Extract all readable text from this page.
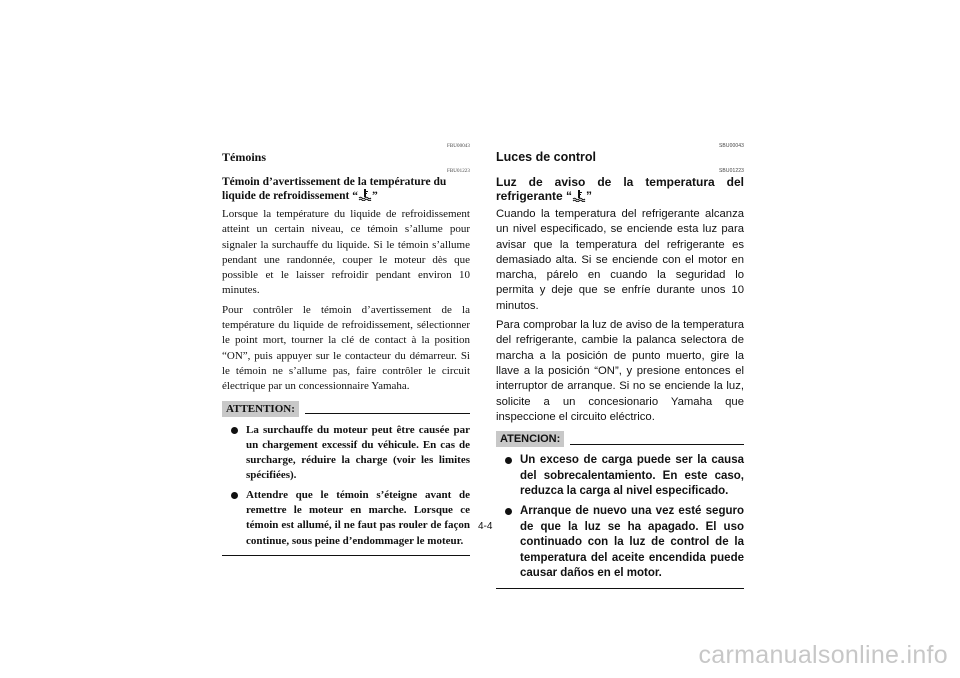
FBU00043
Témoins
FBU01223
Témoin d’avertissement de la température du liquide de refroidissement “ ”
Lorsque la température du liquide de refroidissement atteint un certain niveau, ce témoin s’allume pour signaler la surchauffe du liquide. Si le témoin s’allume pendant une randonnée, couper le moteur dès que possible et le laisser refroidir pendant environ 10 minutes.
Pour contrôler le témoin d’avertissement de la température du liquide de refroidissement, sélectionner le point mort, tourner la clé de contact à la position “ON”, puis appuyer sur le contacteur du démarreur. Si le témoin ne s’allume pas, faire contrôler le circuit électrique par un concessionnaire Yamaha.
ATTENTION:
La surchauffe du moteur peut être causée par un chargement excessif du véhicule. En cas de surcharge, réduire la charge (voir les limites spécifiées).
Attendre que le témoin s’éteigne avant de remettre le moteur en marche. Lorsque ce témoin est allumé, il ne faut pas rouler de façon continue, sous peine d’endommager le moteur.
SBU00043
Luces de control
SBU01223
Luz de aviso de la temperatura del refrigerante “ ”
Cuando la temperatura del refrigerante alcanza un nivel especificado, se enciende esta luz para avisar que la temperatura del refrigerante es demasiado alta. Si se enciende con el motor en marcha, párelo en cuando la seguridad lo permita y deje que se enfríe durante unos 10 minutos.
Para comprobar la luz de aviso de la temperatura del refrigerante, cambie la palanca selectora de marcha a la posición de punto muerto, gire la llave a la posición “ON”, y presione entonces el interruptor de arranque. Si no se enciende la luz, solicite a un concesionario Yamaha que inspeccione el circuito eléctrico.
ATENCION:
Un exceso de carga puede ser la causa del sobrecalentamiento. En este caso, reduzca la carga al nivel especificado.
Arranque de nuevo una vez esté seguro de que la luz se ha apagado. El uso continuado con la luz de control de la temperatura del aceite encendida puede causar daños en el motor.
4-4
carmanualsonline.info
